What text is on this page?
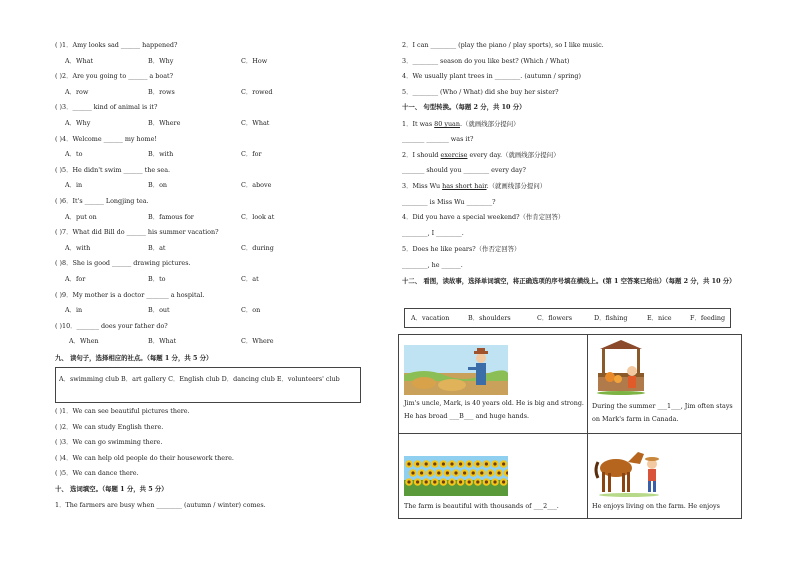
( )1．Amy looks sad ______ happened?
A．What	B．Why	C．How
( )2．Are you going to ______ a boat?
A．row	B．rows	C．rowed
( )3．______ kind of animal is it?
A．Why	B．Where	C．What
( )4．Welcome ______ my home!
A．to	B．with	C．for
( )5．He didn't swim ______ the sea.
A．in	B．on	C．above
( )6．It's ______ Longjing tea.
A．put on	B．famous for	C．look at
( )7．What did Bill do ______ his summer vacation?
A．with	B．at	C．during
( )8．She is good ______ drawing pictures.
A．for	B．to	C．at
( )9．My mother is a doctor _______ a hospital.
A．in	B．out	C．on
( )10．_______ does your father do?
A．When	B．What	C．Where
九、 读句子，选择相应的社点。（每题 1 分，共 5 分）
A．swimming club B．art gallery C．English club D．dancing club E．volunteers' club
( )1．We can see beautiful pictures there.
( )2．We can study English there.
( )3．We can go swimming there.
( )4．We can help old people do their housework there.
( )5．We can dance there.
十、 选词填空。（每题 1 分，共 5 分）
1．The farmers are busy when ________ (autumn / winter) comes.
2．I can ________ (play the piano / play sports), so I like music.
3．________ season do you like best? (Which / What)
4．We usually plant trees in ________. (autumn / spring)
5．________ (Who / What) did she buy her sister?
十一、 句型转换。（每题 2 分，共 10 分）
1．It was 80 yuan.（就画线部分提问）
_______ _______ was it?
2．I should exercise every day.（就画线部分提问）
_______ should you ________ every day?
3．Miss Wu has short hair.（就画线部分提问）
________ is Miss Wu ________?
4．Did you have a special weekend?（作肯定回答）
________, I ________.
5．Does he like pears?（作否定回答）
________, he ______.
十二、 看图，读故事，选择单词填空，将正确选项的序号填在横线上。(第 1 空答案已给出）（每题 2 分，共 10 分）
A．vacation	B．shoulders	C．flowers	D．fishing	E．nice	F．feeding
Jim's uncle, Mark, is 40 years old. He is big and strong. He has broad ___B___ and huge hands.
During the summer ___1___, Jim often stays on Mark's farm in Canada.
The farm is beautiful with thousands of ___2___.	He enjoys living on the farm. He enjoys
